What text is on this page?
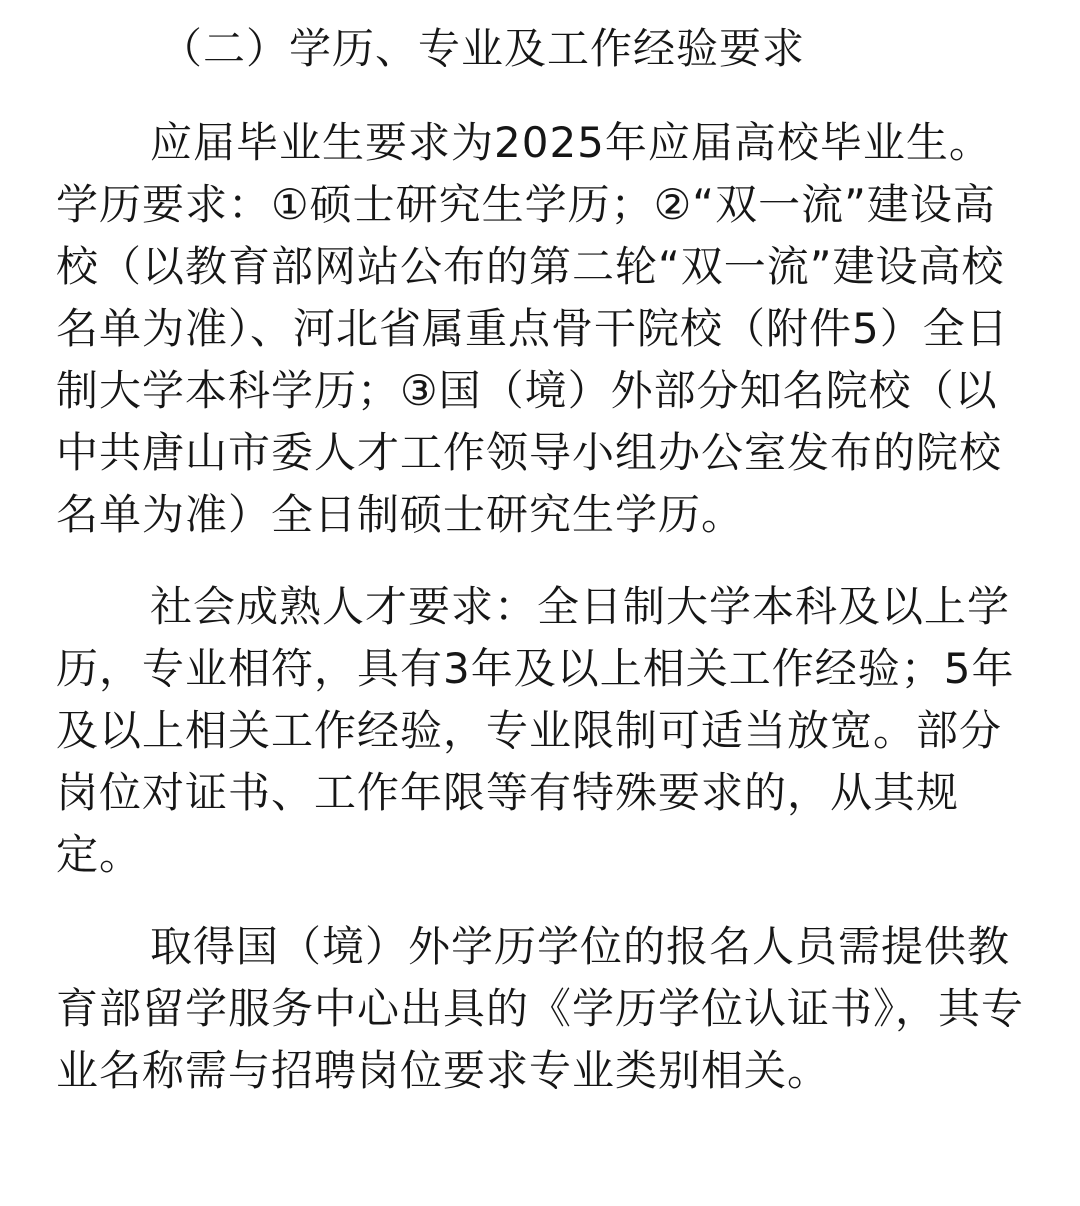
（二）学历、专业及工作经验要求

应届毕业生要求为2025年应届高校毕业生。学历要求：①硕士研究生学历；②“双一流”建设高校（以教育部网站公布的第二轮“双一流”建设高校名单为准）、河北省属重点骨干院校（附件5）全日制大学本科学历；③国（境）外部分知名院校（以中共唐山市委人才工作领导小组办公室发布的院校名单为准）全日制硕士研究生学历。

社会成熟人才要求：全日制大学本科及以上学历，专业相符，具有3年及以上相关工作经验；5年及以上相关工作经验，专业限制可适当放宽。部分岗位对证书、工作年限等有特殊要求的，从其规定。

取得国（境）外学历学位的报名人员需提供教育部留学服务中心出具的《学历学位认证书》，其专业名称需与招聘岗位要求专业类别相关。
